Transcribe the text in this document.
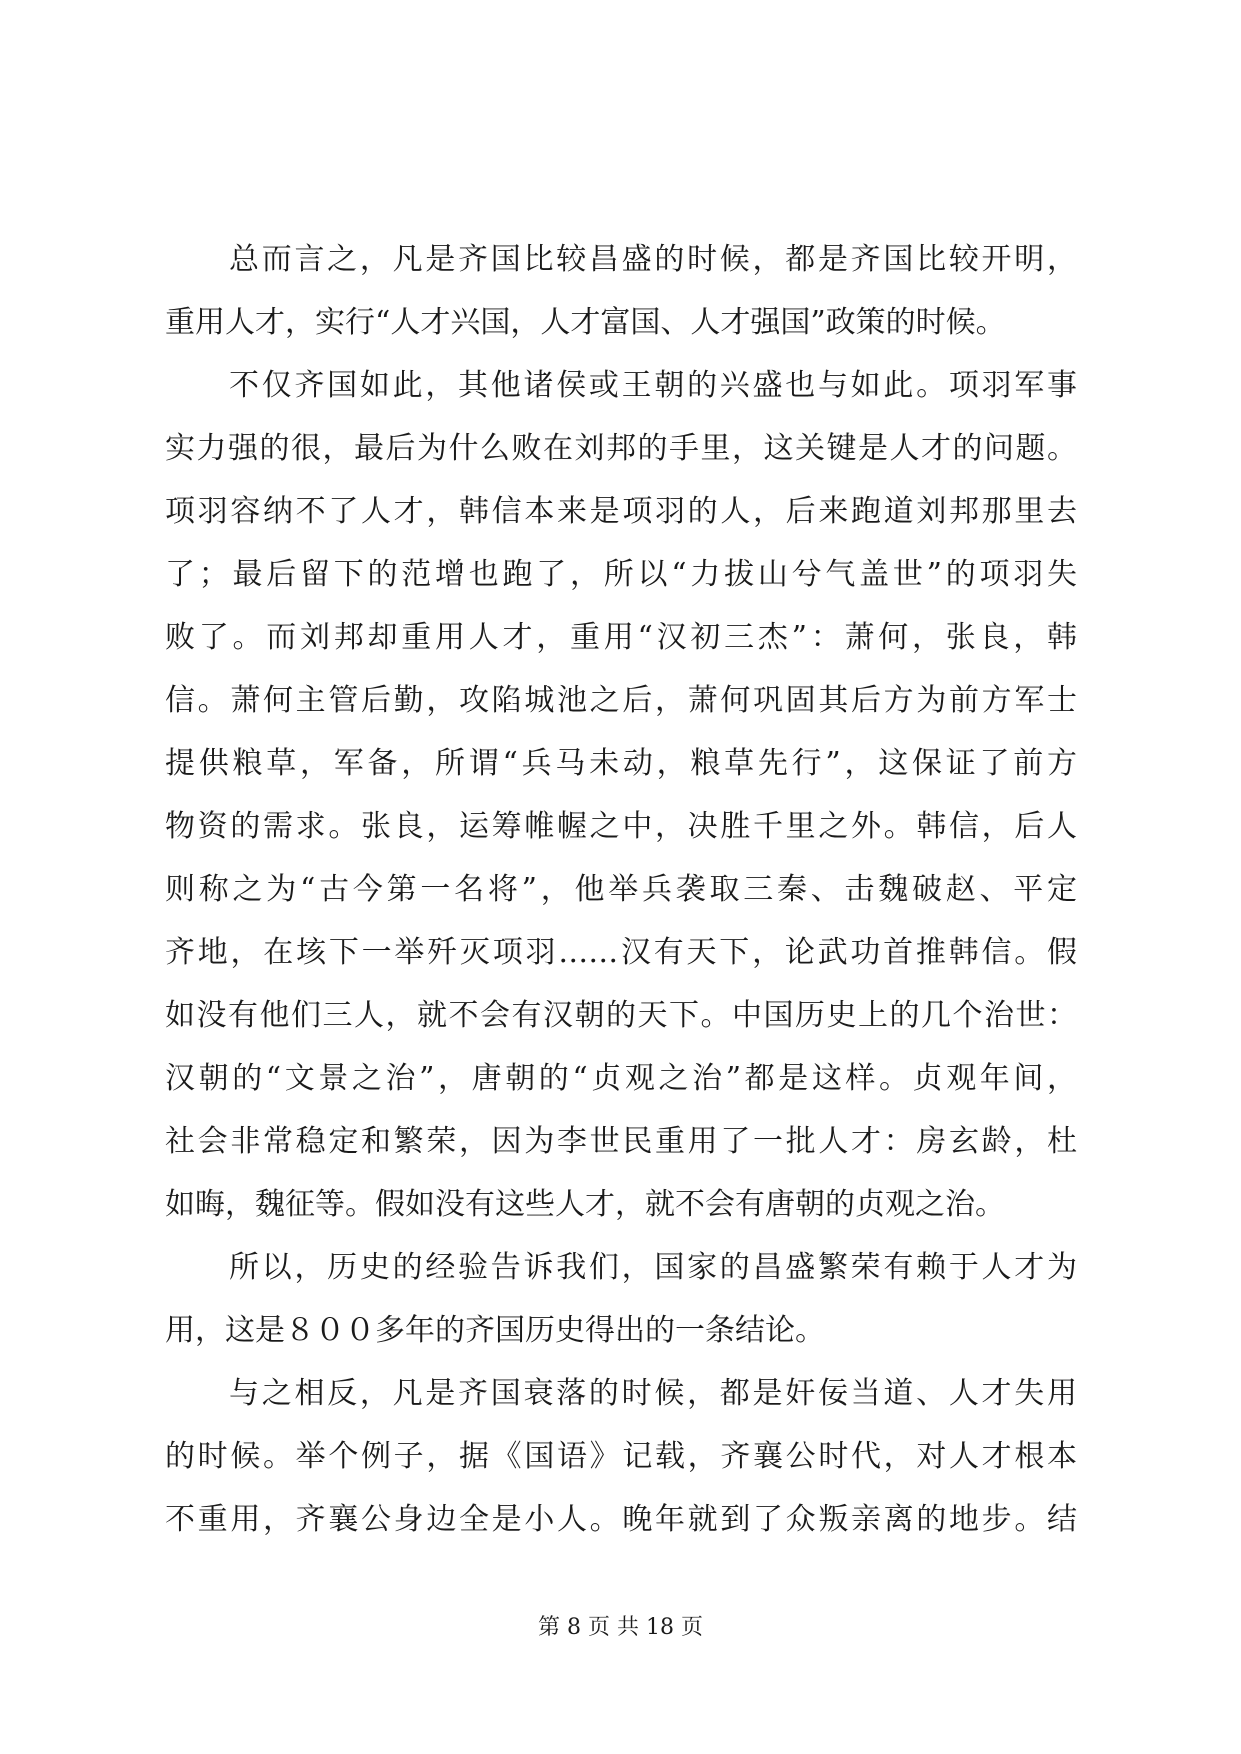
总而言之，凡是齐国比较昌盛的时候，都是齐国比较开明，
重用人才，实行“人才兴国，人才富国、人才强国”政策的时候。
不仅齐国如此，其他诸侯或王朝的兴盛也与如此。项羽军事
实力强的很，最后为什么败在刘邦的手里，这关键是人才的问题。
项羽容纳不了人才，韩信本来是项羽的人，后来跑道刘邦那里去
了；最后留下的范增也跑了，所以“力拔山兮气盖世”的项羽失
败了。而刘邦却重用人才，重用“汉初三杰”：萧何，张良，韩
信。萧何主管后勤，攻陷城池之后，萧何巩固其后方为前方军士
提供粮草，军备，所谓“兵马未动，粮草先行”，这保证了前方
物资的需求。张良，运筹帷幄之中，决胜千里之外。韩信，后人
则称之为“古今第一名将”，他举兵袭取三秦、击魏破赵、平定
齐地，在垓下一举歼灭项羽……汉有天下，论武功首推韩信。假
如没有他们三人，就不会有汉朝的天下。中国历史上的几个治世：
汉朝的“文景之治”，唐朝的“贞观之治”都是这样。贞观年间，
社会非常稳定和繁荣，因为李世民重用了一批人才：房玄龄，杜
如晦，魏征等。假如没有这些人才，就不会有唐朝的贞观之治。
所以，历史的经验告诉我们，国家的昌盛繁荣有赖于人才为
用，这是８００多年的齐国历史得出的一条结论。
与之相反，凡是齐国衰落的时候，都是奸佞当道、人才失用
的时候。举个例子，据《国语》记载，齐襄公时代，对人才根本
不重用，齐襄公身边全是小人。晚年就到了众叛亲离的地步。结
第 8 页 共 18 页
